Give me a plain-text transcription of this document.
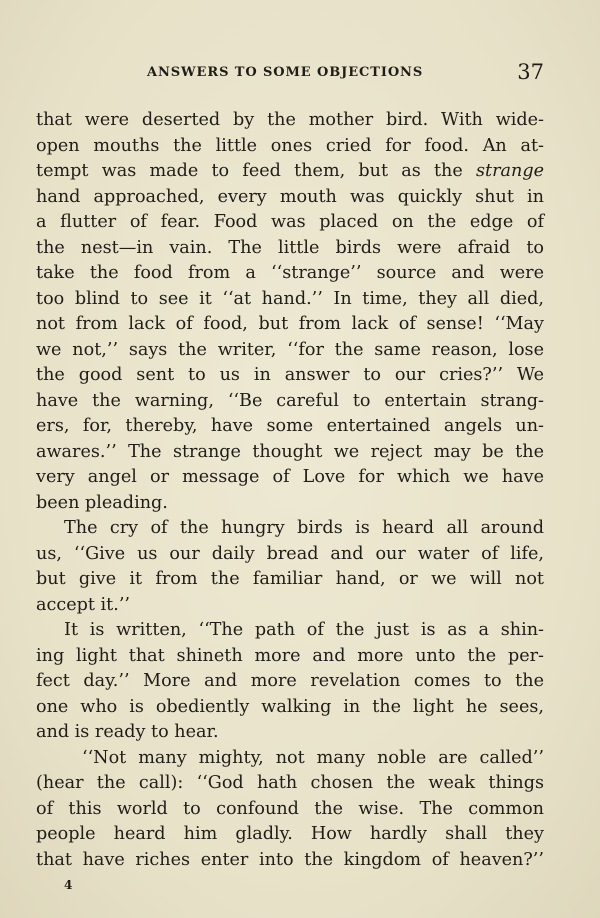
ANSWERS TO SOME OBJECTIONS	37
that were deserted by the mother bird. With wide-
open mouths the little ones cried for food. An at-
tempt was made to feed them, but as the strange
hand approached, every mouth was quickly shut in
a flutter of fear. Food was placed on the edge of
the nest—in vain. The little birds were afraid to
take the food from a ‘‘strange’’ source and were
too blind to see it ‘‘at hand.’’ In time, they all died,
not from lack of food, but from lack of sense! ‘‘May
we not,’’ says the writer, ‘‘for the same reason, lose
the good sent to us in answer to our cries?’’ We
have the warning, ‘‘Be careful to entertain strang-
ers, for, thereby, have some entertained angels un-
awares.’’ The strange thought we reject may be the
very angel or message of Love for which we have
been pleading.
The cry of the hungry birds is heard all around
us, ‘‘Give us our daily bread and our water of life,
but give it from the familiar hand, or we will not
accept it.’’
It is written, ‘‘The path of the just is as a shin-
ing light that shineth more and more unto the per-
fect day.’’ More and more revelation comes to the
one who is obediently walking in the light he sees,
and is ready to hear.
‘‘Not many mighty, not many noble are called’’
(hear the call): ‘‘God hath chosen the weak things
of this world to confound the wise. The common
people heard him gladly. How hardly shall they
that have riches enter into the kingdom of heaven?’’
4
